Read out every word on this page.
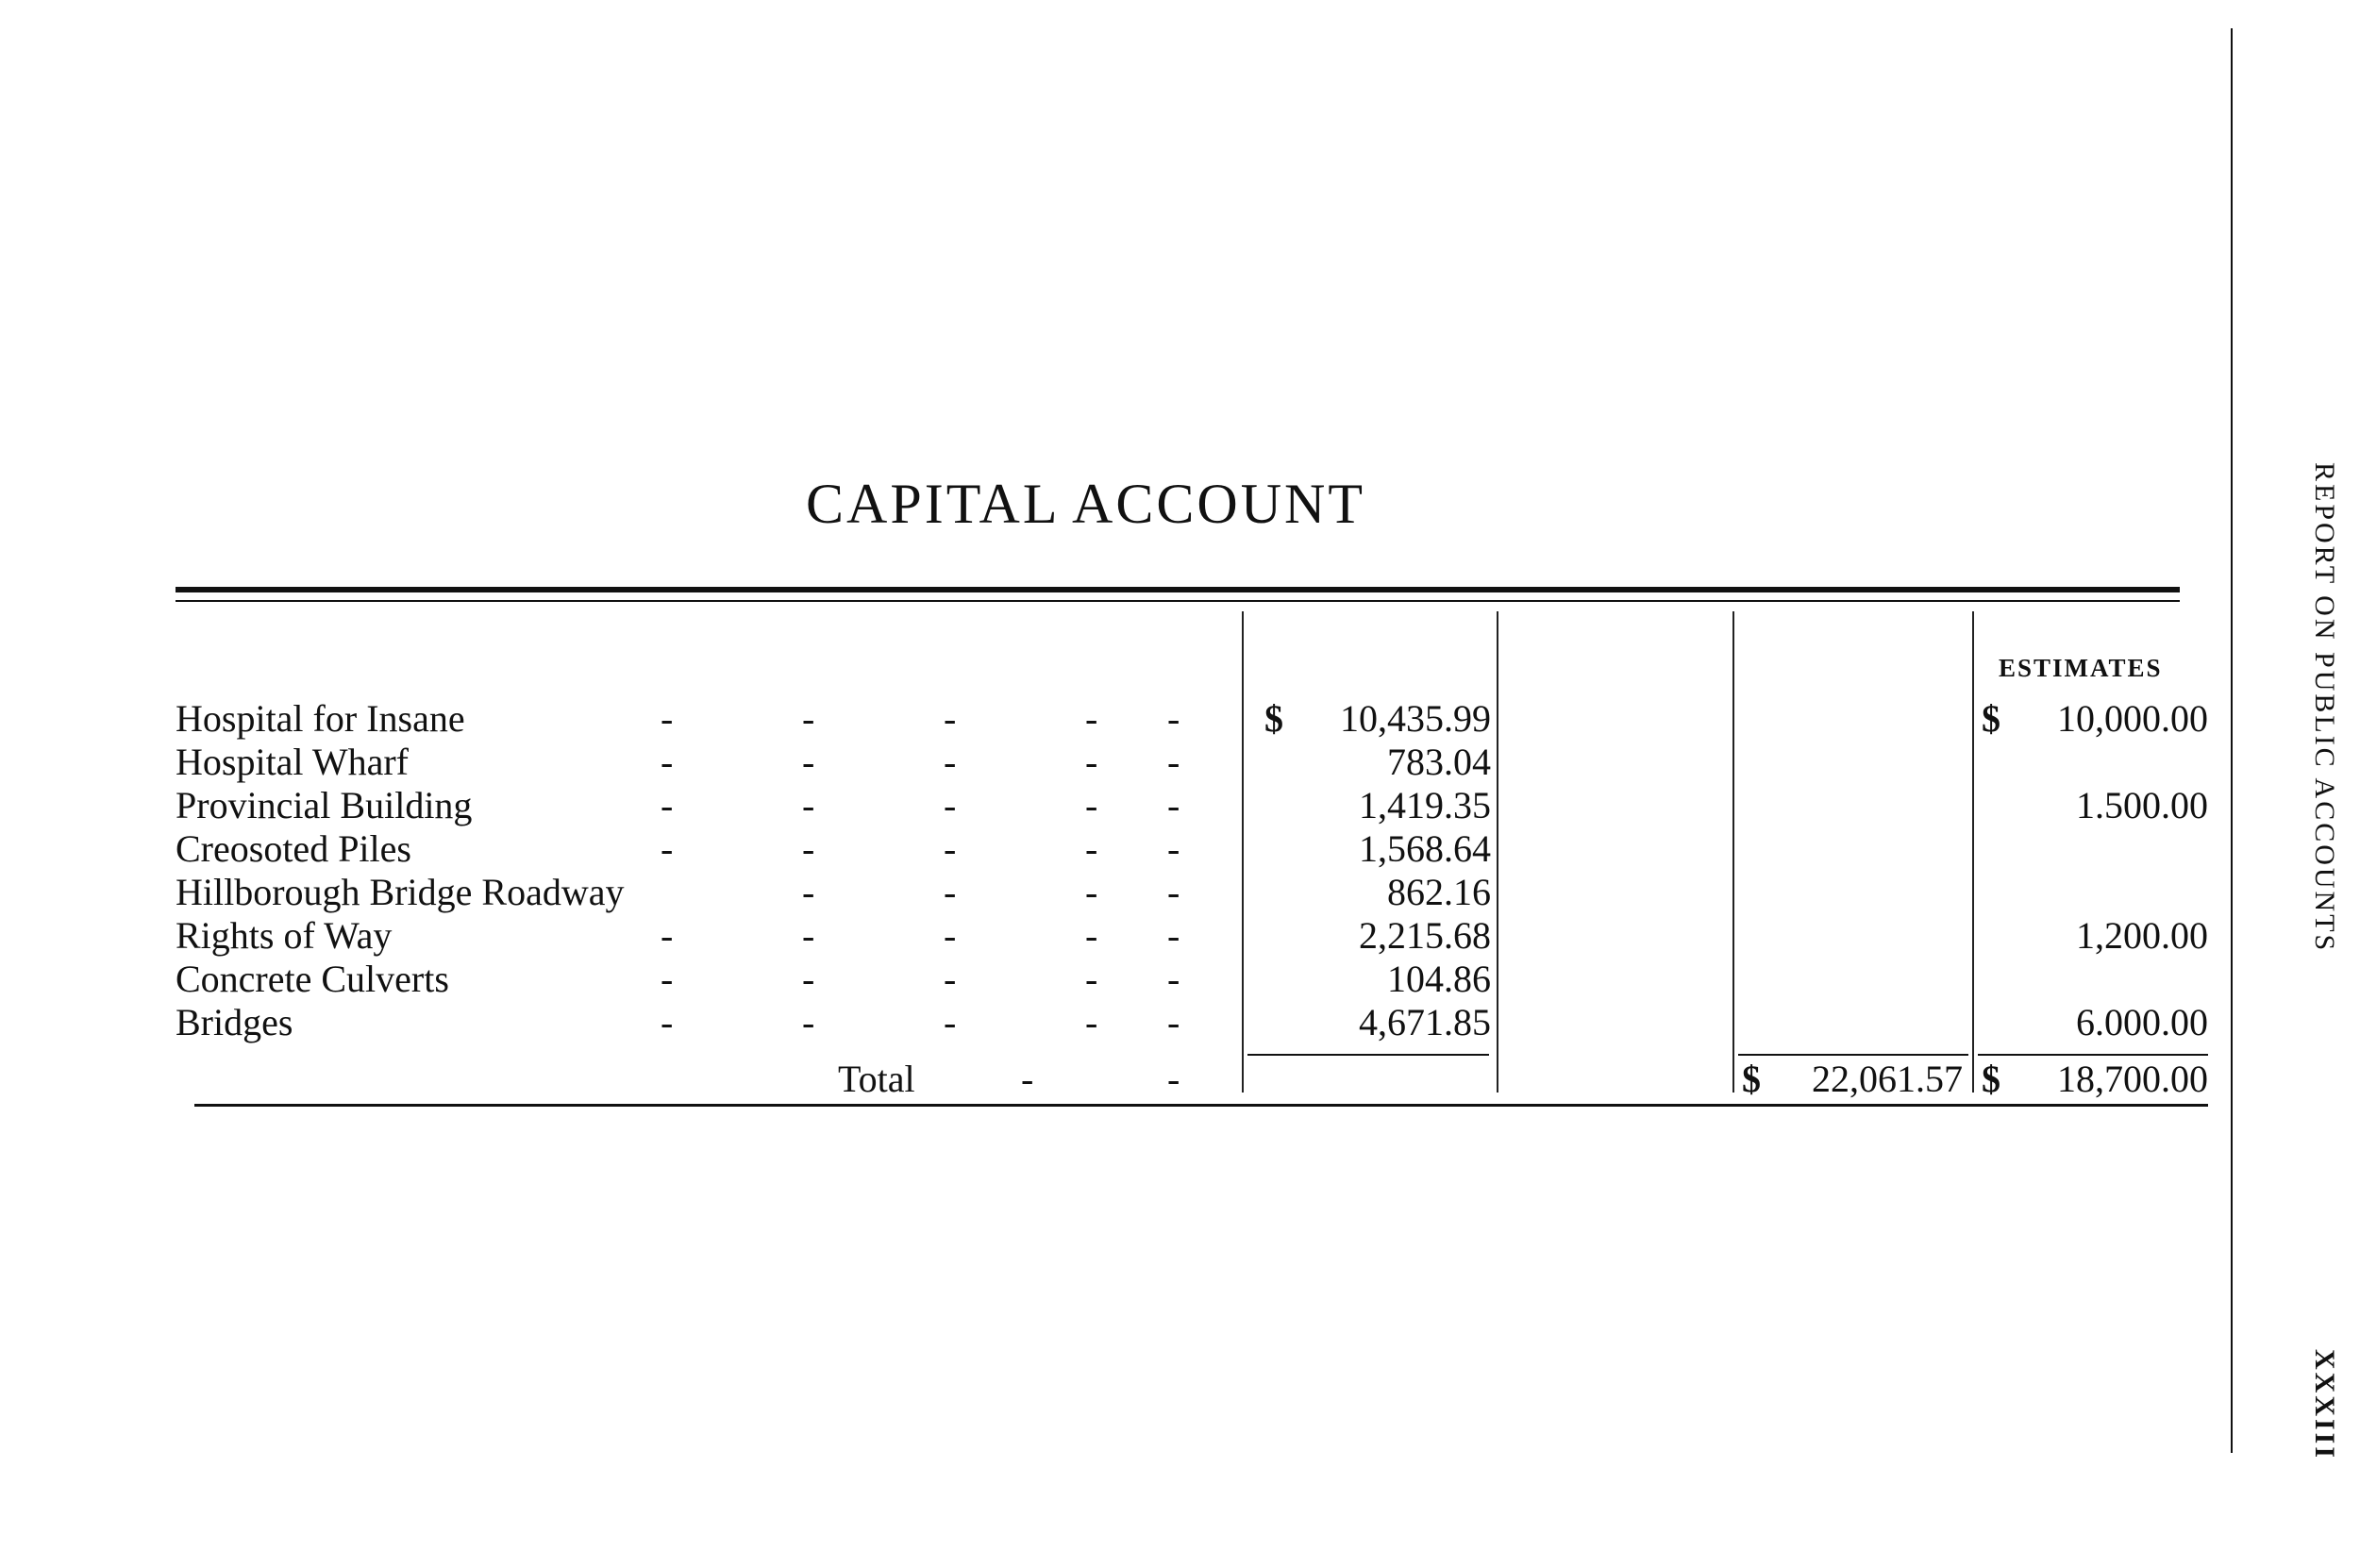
CAPITAL ACCOUNT
ESTIMATES
Hospital for Insane	-	-	-	- - $	10,435.99	$	10,000.00
Hospital Wharf	-	-	-	- -	783.04
Provincial Building	-	-	-	- -	1,419.35	1.500.00
Creosoted Piles	-	-	-	- -	1,568.64
Hillborough Bridge Roadway	-	-	- -	862.16
Rights of Way	-	-	-	- -	2,215.68	1,200.00
Concrete Culverts	-	-	-	- -	104.86
Bridges	-	-	-	- -	4,671.85	6.000.00
Total	-	-	$	22,061.57 $	18,700.00
REPORT ON PUBLIC ACCOUNTS
XXXIII
